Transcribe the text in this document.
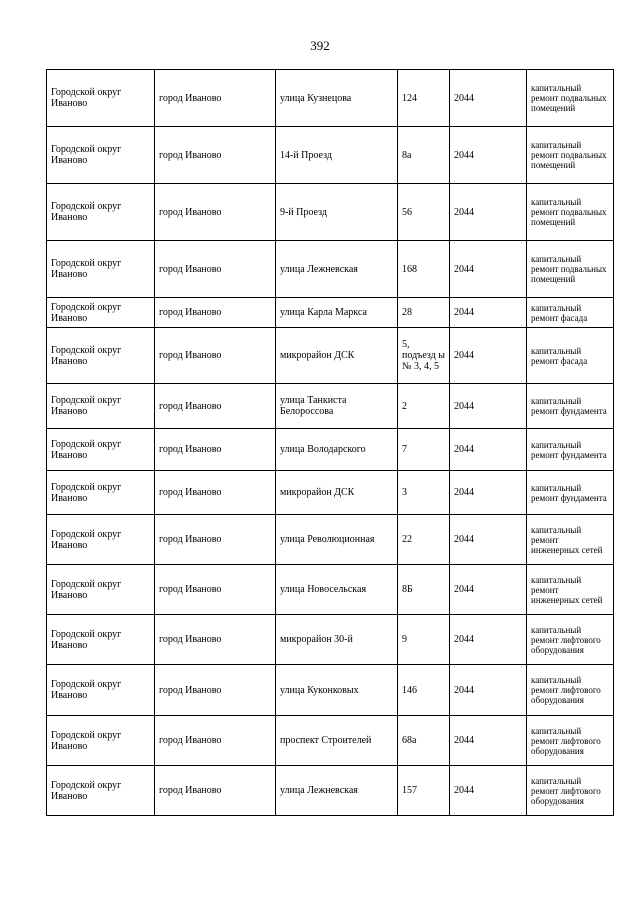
392
Городской округ Иваново	город Иваново	улица Кузнецова	124	2044	капитальный ремонт подвальных помещений
Городской округ Иваново	город Иваново	14-й Проезд	8а	2044	капитальный ремонт подвальных помещений
Городской округ Иваново	город Иваново	9-й Проезд	56	2044	капитальный ремонт подвальных помещений
Городской округ Иваново	город Иваново	улица Лежневская	168	2044	капитальный ремонт подвальных помещений
Городской округ Иваново	город Иваново	улица Карла Маркса	28	2044	капитальный ремонт фасада
Городской округ Иваново	город Иваново	микрорайон ДСК	5, подъезд ы № 3, 4, 5	2044	капитальный ремонт фасада
Городской округ Иваново	город Иваново	улица Танкиста Белороссова	2	2044	капитальный ремонт фундамента
Городской округ Иваново	город Иваново	улица Володарского	7	2044	капитальный ремонт фундамента
Городской округ Иваново	город Иваново	микрорайон ДСК	3	2044	капитальный ремонт фундамента
Городской округ Иваново	город Иваново	улица Революционная	22	2044	капитальный ремонт инженерных сетей
Городской округ Иваново	город Иваново	улица Новосельская	8Б	2044	капитальный ремонт инженерных сетей
Городской округ Иваново	город Иваново	микрорайон 30-й	9	2044	капитальный ремонт лифтового оборудования
Городской округ Иваново	город Иваново	улица Куконковых	146	2044	капитальный ремонт лифтового оборудования
Городской округ Иваново	город Иваново	проспект Строителей	68а	2044	капитальный ремонт лифтового оборудования
Городской округ Иваново	город Иваново	улица Лежневская	157	2044	капитальный ремонт лифтового оборудования
